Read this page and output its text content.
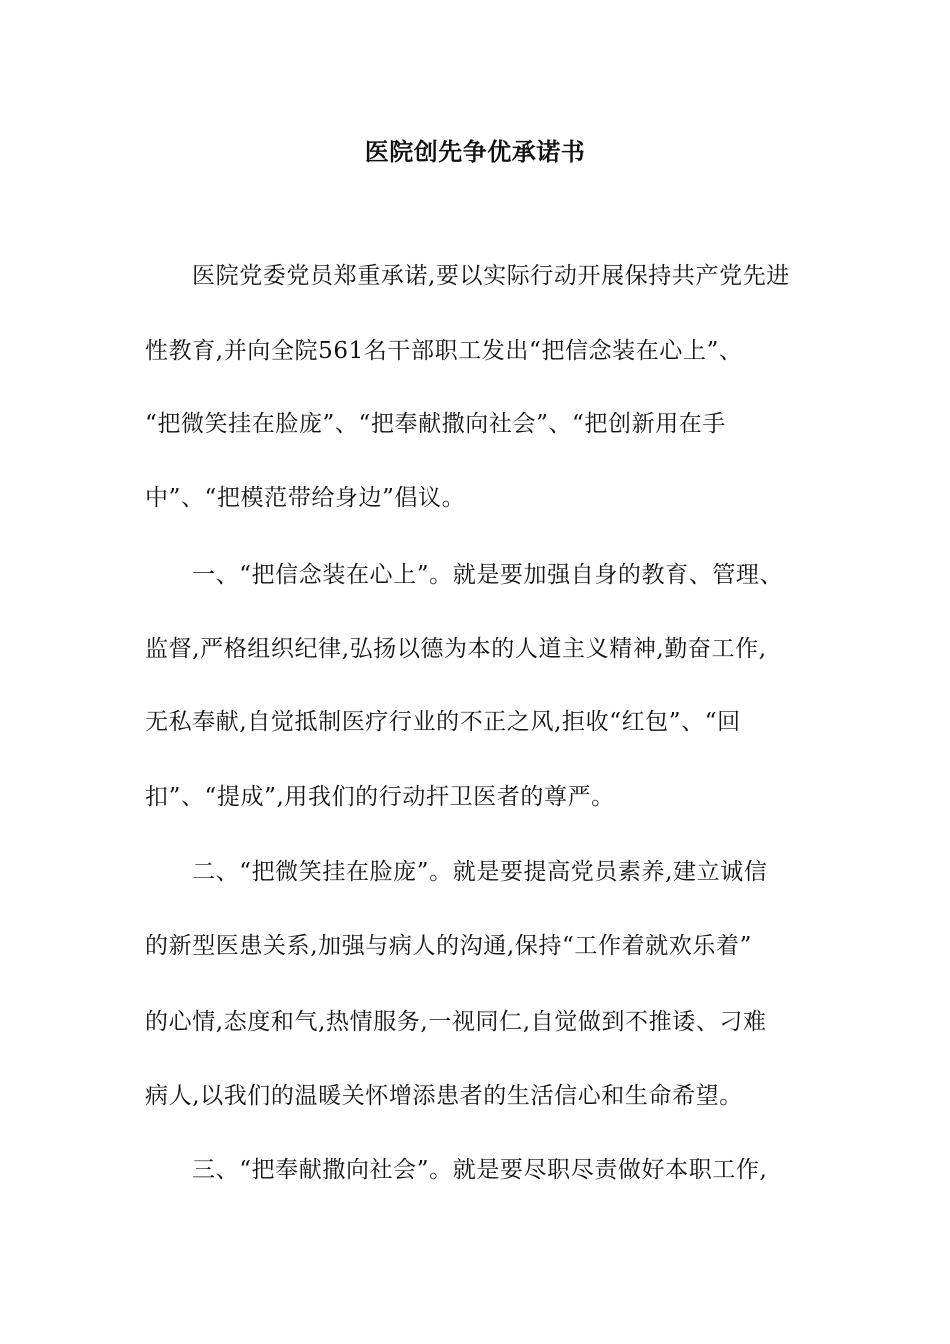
医院创先争优承诺书
医院党委党员郑重承诺,要以实际行动开展保持共产党先进
性教育,并向全院561名干部职工发出“把信念装在心上”、
“把微笑挂在脸庞”、“把奉献撒向社会”、“把创新用在手
中”、“把模范带给身边”倡议。
一、“把信念装在心上”。就是要加强自身的教育、管理、
监督,严格组织纪律,弘扬以德为本的人道主义精神,勤奋工作,
无私奉献,自觉抵制医疗行业的不正之风,拒收“红包”、“回
扣”、“提成”,用我们的行动扞卫医者的尊严。
二、“把微笑挂在脸庞”。就是要提高党员素养,建立诚信
的新型医患关系,加强与病人的沟通,保持“工作着就欢乐着”
的心情,态度和气,热情服务,一视同仁,自觉做到不推诿、刁难
病人,以我们的温暖关怀增添患者的生活信心和生命希望。
三、“把奉献撒向社会”。就是要尽职尽责做好本职工作,
